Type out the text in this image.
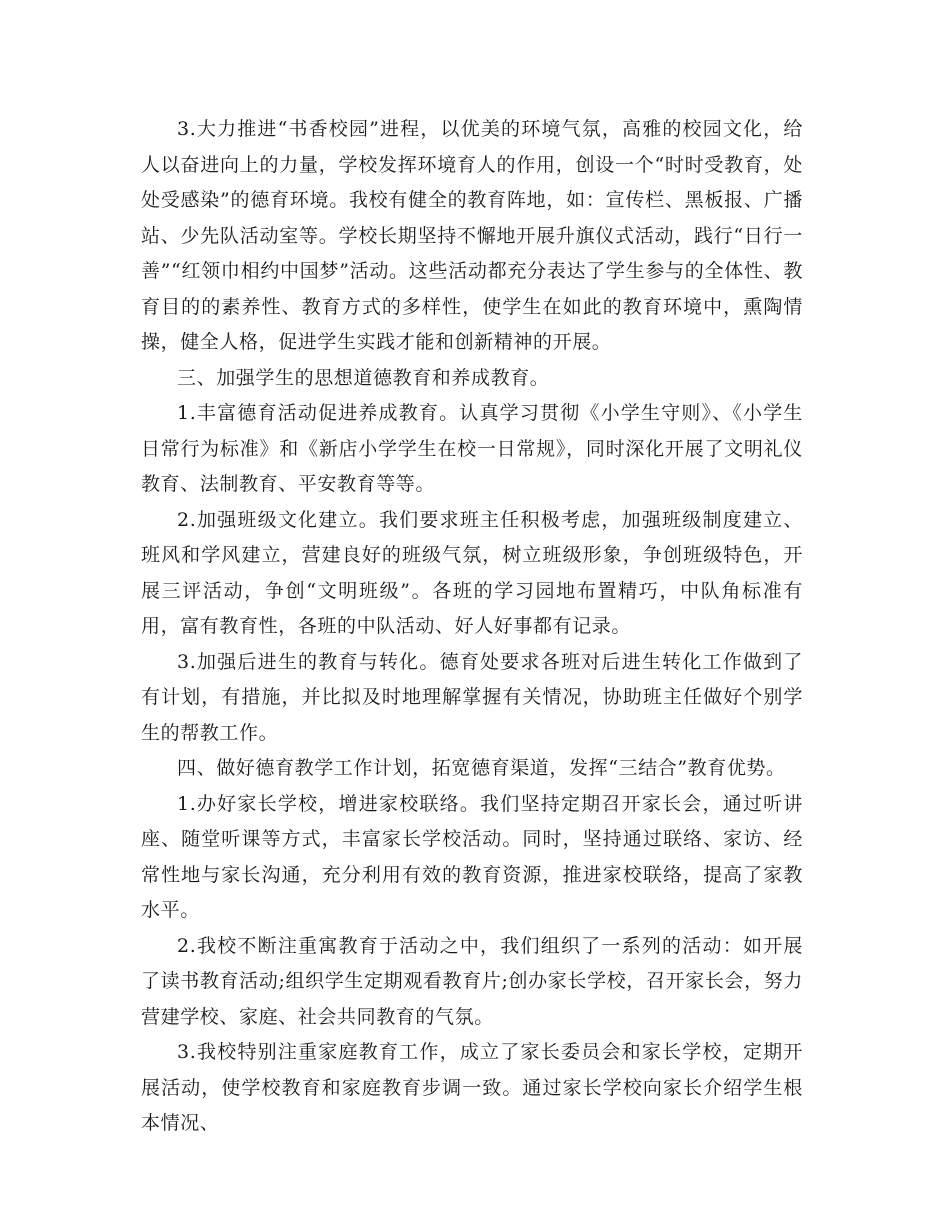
3.大力推进“书香校园”进程，以优美的环境气氛，高雅的校园文化，给人以奋进向上的力量，学校发挥环境育人的作用，创设一个“时时受教育，处处受感染”的德育环境。我校有健全的教育阵地，如：宣传栏、黑板报、广播站、少先队活动室等。学校长期坚持不懈地开展升旗仪式活动，践行“日行一善”“红领巾相约中国梦”活动。这些活动都充分表达了学生参与的全体性、教育目的的素养性、教育方式的多样性，使学生在如此的教育环境中，熏陶情操，健全人格，促进学生实践才能和创新精神的开展。

三、加强学生的思想道德教育和养成教育。

1.丰富德育活动促进养成教育。认真学习贯彻《小学生守则》、《小学生日常行为标准》和《新店小学学生在校一日常规》，同时深化开展了文明礼仪教育、法制教育、平安教育等等。

2.加强班级文化建立。我们要求班主任积极考虑，加强班级制度建立、班风和学风建立，营建良好的班级气氛，树立班级形象，争创班级特色，开展三评活动，争创“文明班级”。各班的学习园地布置精巧，中队角标准有用，富有教育性，各班的中队活动、好人好事都有记录。

3.加强后进生的教育与转化。德育处要求各班对后进生转化工作做到了有计划，有措施，并比拟及时地理解掌握有关情况，协助班主任做好个别学生的帮教工作。

四、做好德育教学工作计划，拓宽德育渠道，发挥“三结合”教育优势。

1.办好家长学校，增进家校联络。我们坚持定期召开家长会，通过听讲座、随堂听课等方式，丰富家长学校活动。同时，坚持通过联络、家访、经常性地与家长沟通，充分利用有效的教育资源，推进家校联络，提高了家教水平。

2.我校不断注重寓教育于活动之中，我们组织了一系列的活动：如开展了读书教育活动;组织学生定期观看教育片;创办家长学校，召开家长会，努力营建学校、家庭、社会共同教育的气氛。

3.我校特别注重家庭教育工作，成立了家长委员会和家长学校，定期开展活动，使学校教育和家庭教育步调一致。通过家长学校向家长介绍学生根本情况、
